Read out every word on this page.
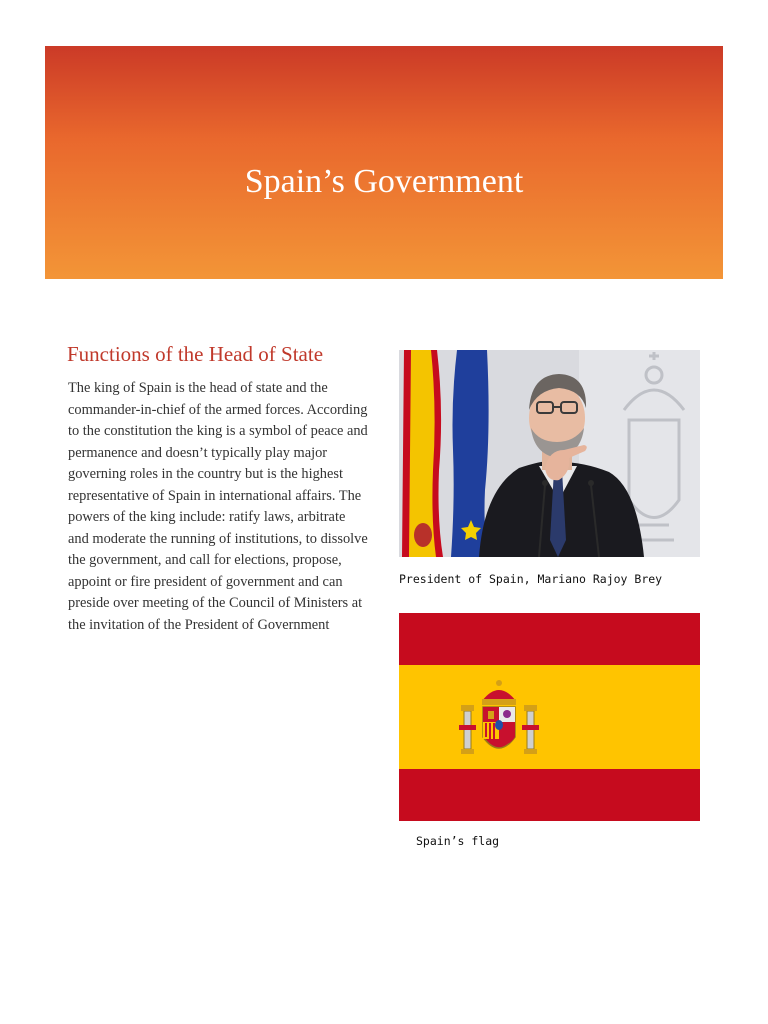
Spain’s Government
Functions of the Head of State
The king of Spain is the head of state and the commander-in-chief of the armed forces. According to the constitution the king is a symbol of peace and permanence and doesn’t typically play major governing roles in the country but is the highest representative of Spain in international affairs. The powers of the king include: ratify laws, arbitrate and moderate the running of institutions, to dissolve the government, and call for elections, propose, appoint or fire president of government and can preside over meeting of the Council of Ministers at the invitation of the President of Government
President of Spain, Mariano Rajoy Brey
Spain’s flag
